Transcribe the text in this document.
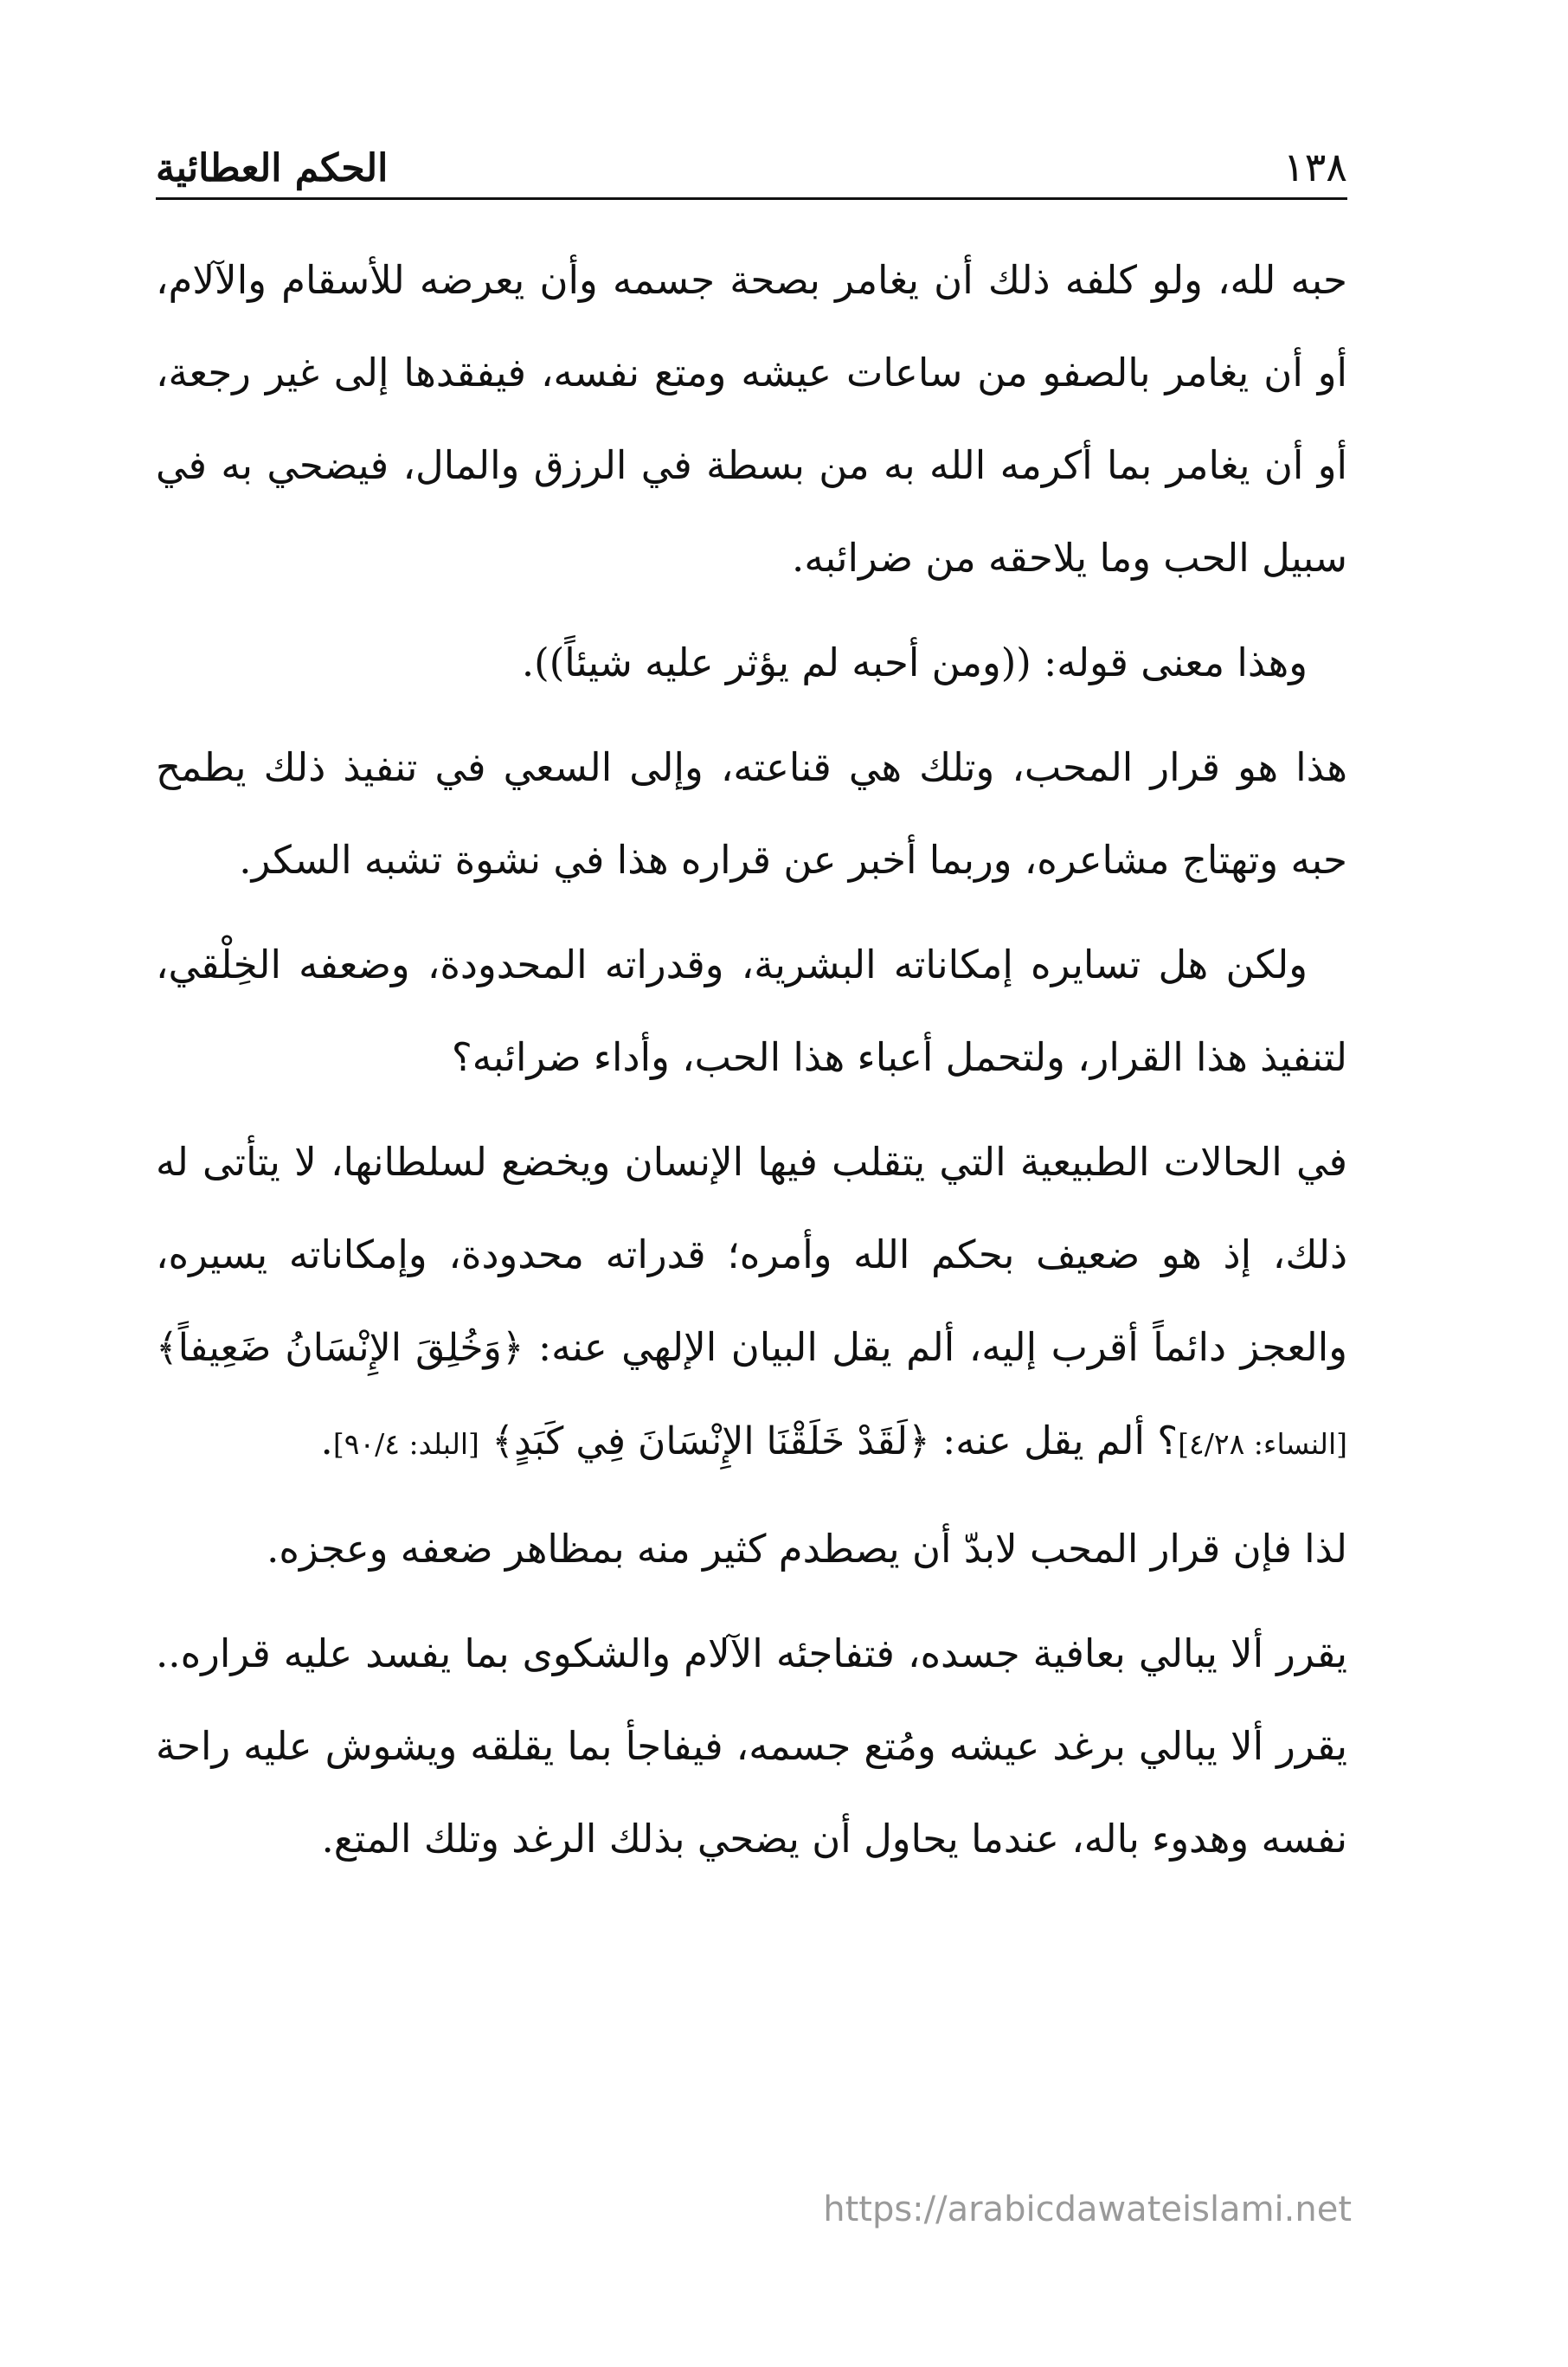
١٣٨
الحكم العطائية

حبه لله، ولو كلفه ذلك أن يغامر بصحة جسمه وأن يعرضه للأسقام والآلام، أو أن يغامر بالصفو من ساعات عيشه ومتع نفسه، فيفقدها إلى غير رجعة، أو أن يغامر بما أكرمه الله به من بسطة في الرزق والمال، فيضحي به في سبيل الحب وما يلاحقه من ضرائبه.

وهذا معنى قوله: ((ومن أحبه لم يؤثر عليه شيئاً)).

هذا هو قرار المحب، وتلك هي قناعته، وإلى السعي في تنفيذ ذلك يطمح حبه وتهتاج مشاعره، وربما أخبر عن قراره هذا في نشوة تشبه السكر.

ولكن هل تسايره إمكاناته البشرية، وقدراته المحدودة، وضعفه الخِلْقي، لتنفيذ هذا القرار، ولتحمل أعباء هذا الحب، وأداء ضرائبه؟

في الحالات الطبيعية التي يتقلب فيها الإنسان ويخضع لسلطانها، لا يتأتى له ذلك، إذ هو ضعيف بحكم الله وأمره؛ قدراته محدودة، وإمكاناته يسيره، والعجز دائماً أقرب إليه، ألم يقل البيان الإلهي عنه: ﴿وَخُلِقَ الإِنْسَانُ ضَعِيفاً﴾ [النساء: ٤/٢٨]؟ ألم يقل عنه: ﴿لَقَدْ خَلَقْنَا الإِنْسَانَ فِي كَبَدٍ﴾ [البلد: ٩٠/٤].

لذا فإن قرار المحب لابدّ أن يصطدم كثير منه بمظاهر ضعفه وعجزه.

يقرر ألا يبالي بعافية جسده، فتفاجئه الآلام والشكوى بما يفسد عليه قراره.. يقرر ألا يبالي برغد عيشه ومُتع جسمه، فيفاجأ بما يقلقه ويشوش عليه راحة نفسه وهدوء باله، عندما يحاول أن يضحي بذلك الرغد وتلك المتع.

https://arabicdawateislami.net
